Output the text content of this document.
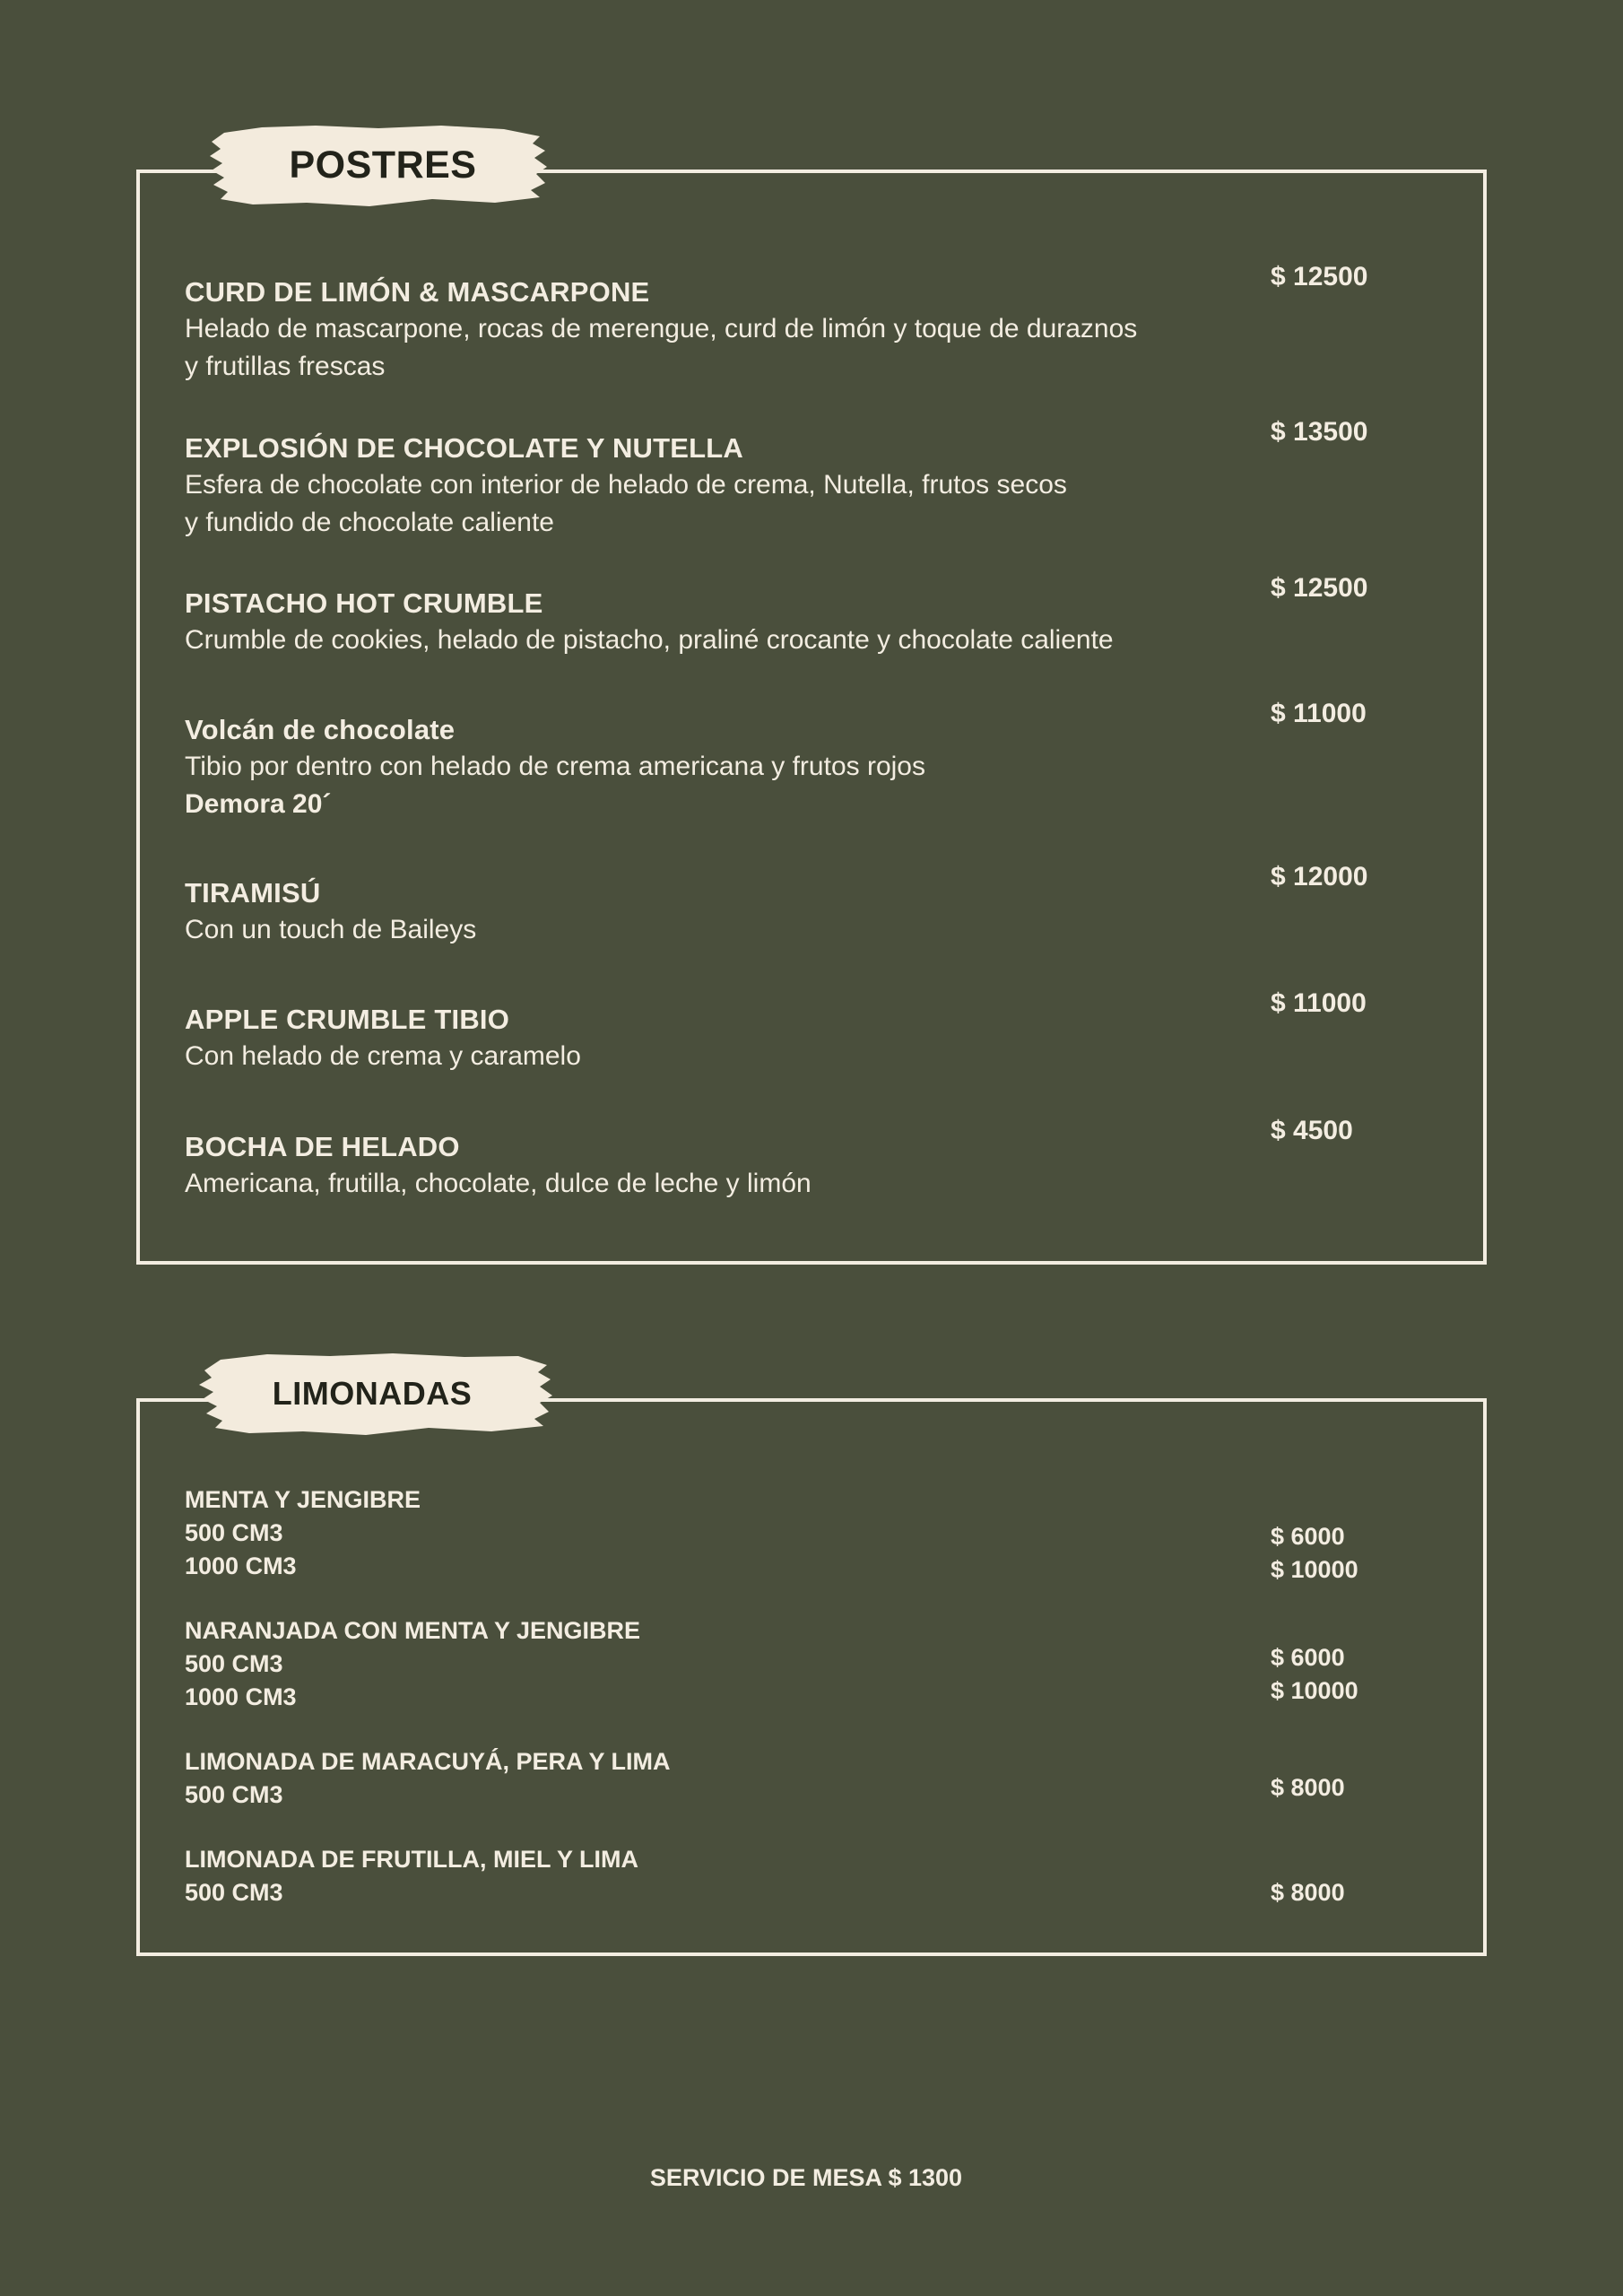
POSTRES
CURD DE LIMÓN & MASCARPONE
Helado de mascarpone, rocas de merengue, curd de limón y toque de duraznos
y frutillas frescas
$ 12500
EXPLOSIÓN DE CHOCOLATE Y NUTELLA
Esfera de chocolate con interior de helado de crema, Nutella, frutos secos
y fundido de chocolate caliente
$ 13500
PISTACHO HOT CRUMBLE
Crumble de cookies, helado de pistacho, praliné crocante y chocolate caliente
$ 12500
Volcán de chocolate
Tibio por dentro con helado de crema americana y frutos rojos
Demora 20´
$ 11000
TIRAMISÚ
Con un touch de Baileys
$ 12000
APPLE CRUMBLE TIBIO
Con helado de crema y caramelo
$ 11000
BOCHA DE HELADO
Americana, frutilla, chocolate, dulce de leche y limón
$ 4500
LIMONADAS
MENTA Y JENGIBRE
500 CM3
1000 CM3
$ 6000
$ 10000
NARANJADA CON MENTA Y JENGIBRE
500 CM3
1000 CM3
$ 6000
$ 10000
LIMONADA DE MARACUYÁ, PERA Y LIMA
500 CM3	$ 8000
LIMONADA DE FRUTILLA, MIEL Y LIMA
500 CM3	$ 8000
SERVICIO DE MESA $ 1300
